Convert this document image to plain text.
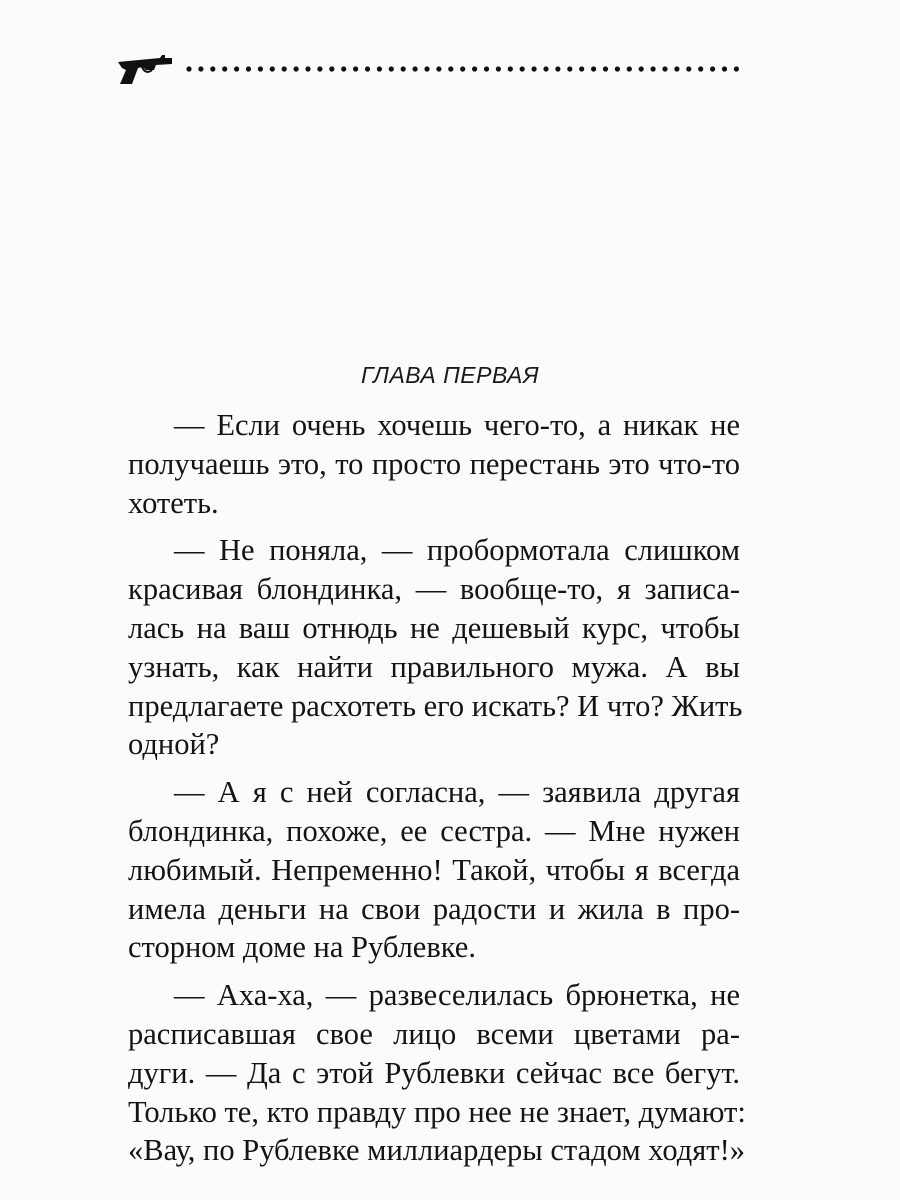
ГЛАВА ПЕРВАЯ
— Если очень хочешь чего-то, а никак не
получаешь это, то просто перестань это что-то
хотеть.
— Не поняла, — пробормотала слишком
красивая блондинка, — вообще-то, я записа-
лась на ваш отнюдь не дешевый курс, чтобы
узнать, как найти правильного мужа. А вы
предлагаете расхотеть его искать? И что? Жить
одной?
— А я с ней согласна, — заявила другая
блондинка, похоже, ее сестра. — Мне нужен
любимый. Непременно! Такой, чтобы я всегда
имела деньги на свои радости и жила в про-
сторном доме на Рублевке.
— Аха-ха, — развеселилась брюнетка, не
расписавшая свое лицо всеми цветами ра-
дуги. — Да с этой Рублевки сейчас все бегут.
Только те, кто правду про нее не знает, думают:
«Вау, по Рублевке миллиардеры стадом ходят!»
